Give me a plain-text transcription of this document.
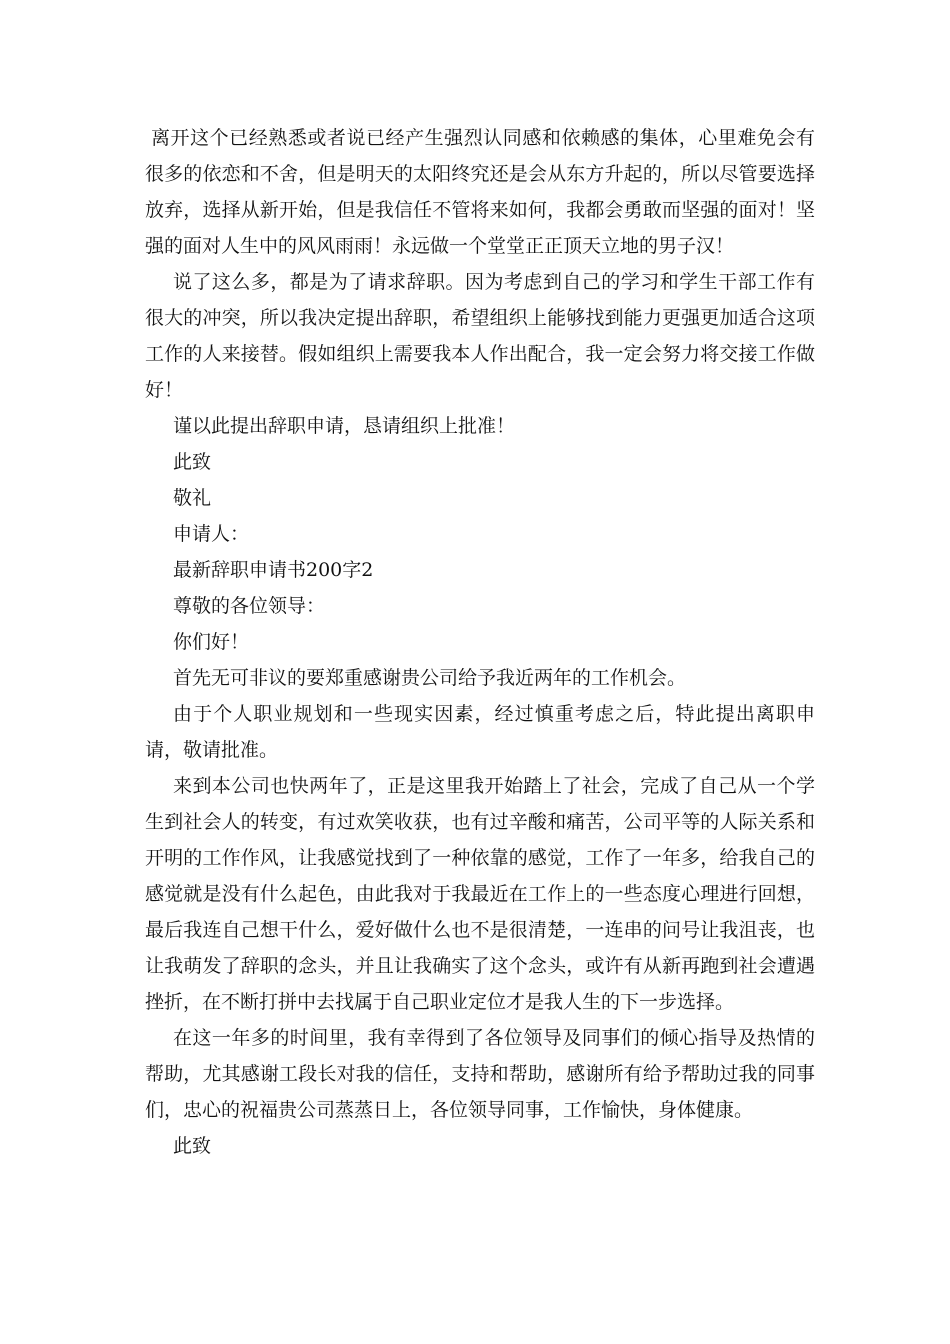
离开这个已经熟悉或者说已经产生强烈认同感和依赖感的集体，心里难免会有很多的依恋和不舍，但是明天的太阳终究还是会从东方升起的，所以尽管要选择放弃，选择从新开始，但是我信任不管将来如何，我都会勇敢而坚强的面对！坚强的面对人生中的风风雨雨！永远做一个堂堂正正顶天立地的男子汉！

说了这么多，都是为了请求辞职。因为考虑到自己的学习和学生干部工作有很大的冲突，所以我决定提出辞职，希望组织上能够找到能力更强更加适合这项工作的人来接替。假如组织上需要我本人作出配合，我一定会努力将交接工作做好！

谨以此提出辞职申请，恳请组织上批准！

此致

敬礼

申请人：

最新辞职申请书200字2

尊敬的各位领导：

你们好！

首先无可非议的要郑重感谢贵公司给予我近两年的工作机会。

由于个人职业规划和一些现实因素，经过慎重考虑之后，特此提出离职申请，敬请批准。

来到本公司也快两年了，正是这里我开始踏上了社会，完成了自己从一个学生到社会人的转变，有过欢笑收获，也有过辛酸和痛苦，公司平等的人际关系和开明的工作作风，让我感觉找到了一种依靠的感觉，工作了一年多，给我自己的感觉就是没有什么起色，由此我对于我最近在工作上的一些态度心理进行回想，最后我连自己想干什么，爱好做什么也不是很清楚，一连串的问号让我沮丧，也让我萌发了辞职的念头，并且让我确实了这个念头，或许有从新再跑到社会遭遇挫折，在不断打拼中去找属于自己职业定位才是我人生的下一步选择。

在这一年多的时间里，我有幸得到了各位领导及同事们的倾心指导及热情的帮助，尤其感谢工段长对我的信任，支持和帮助，感谢所有给予帮助过我的同事们，忠心的祝福贵公司蒸蒸日上，各位领导同事，工作愉快，身体健康。

此致
